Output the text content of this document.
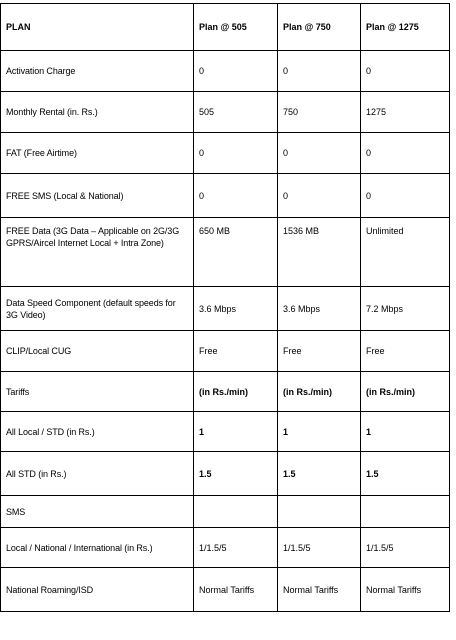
PLAN	Plan @ 505	Plan @ 750	Plan @ 1275
Activation Charge	0	0	0
Monthly Rental (in. Rs.)	505	750	1275
FAT (Free Airtime)	0	0	0
FREE SMS (Local & National)	0	0	0
FREE Data (3G Data – Applicable on 2G/3G GPRS/Aircel Internet Local + Intra Zone)	650 MB	1536 MB	Unlimited
Data Speed Component (default speeds for 3G Video)	3.6 Mbps	3.6 Mbps	7.2 Mbps
CLIP/Local CUG	Free	Free	Free
Tariffs	(in Rs./min)	(in Rs./min)	(in Rs./min)
All Local / STD (in Rs.)	1	1	1
All STD (in Rs.)	1.5	1.5	1.5
SMS			
Local / National / International (in Rs.)	1/1.5/5	1/1.5/5	1/1.5/5
National Roaming/ISD	Normal Tariffs	Normal Tariffs	Normal Tariffs
